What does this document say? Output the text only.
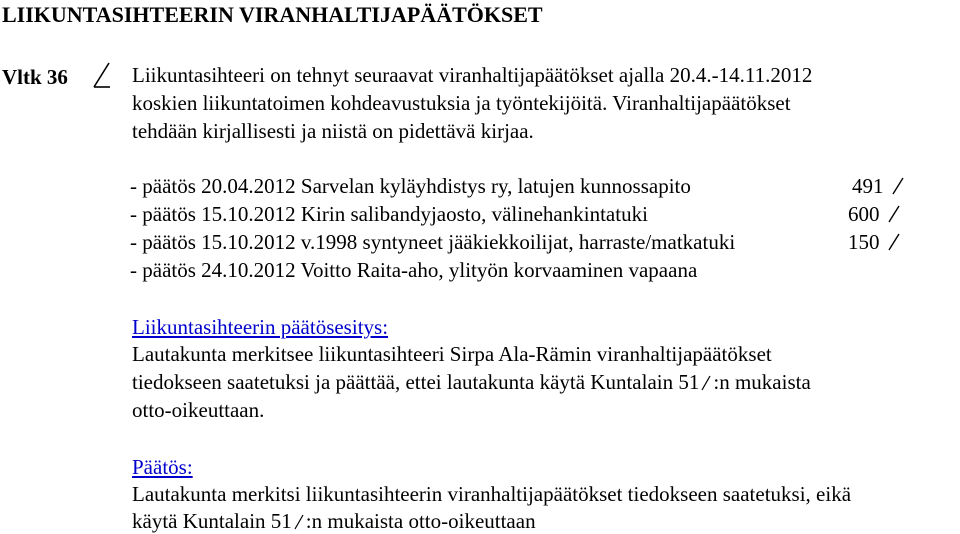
LIIKUNTASIHTEERIN VIRANHALTIJAPÄÄTÖKSET
Vltk 36	Liikuntasihteeri on tehnyt seuraavat viranhaltijapäätökset ajalla 20.4.-14.11.2012
koskien liikuntatoimen kohdeavustuksia ja työntekijöitä. Viranhaltijapäätökset
tehdään kirjallisesti ja niistä on pidettävä kirjaa.
- päätös 20.04.2012 Sarvelan kyläyhdistys ry, latujen kunnossapito	491
- päätös 15.10.2012 Kirin salibandyjaosto, välinehankintatuki	600
- päätös 15.10.2012 v.1998 syntyneet jääkiekkoilijat, harraste/matkatuki	150
- päätös 24.10.2012 Voitto Raita-aho, ylityön korvaaminen vapaana
Liikuntasihteerin päätösesitys:
Lautakunta merkitsee liikuntasihteeri Sirpa Ala-Rämin viranhaltijapäätökset
tiedokseen saatetuksi ja päättää, ettei lautakunta käytä Kuntalain 51 :n mukaista
otto-oikeuttaan.
Päätös:
Lautakunta merkitsi liikuntasihteerin viranhaltijapäätökset tiedokseen saatetuksi, eikä
käytä Kuntalain 51 :n mukaista otto-oikeuttaan
